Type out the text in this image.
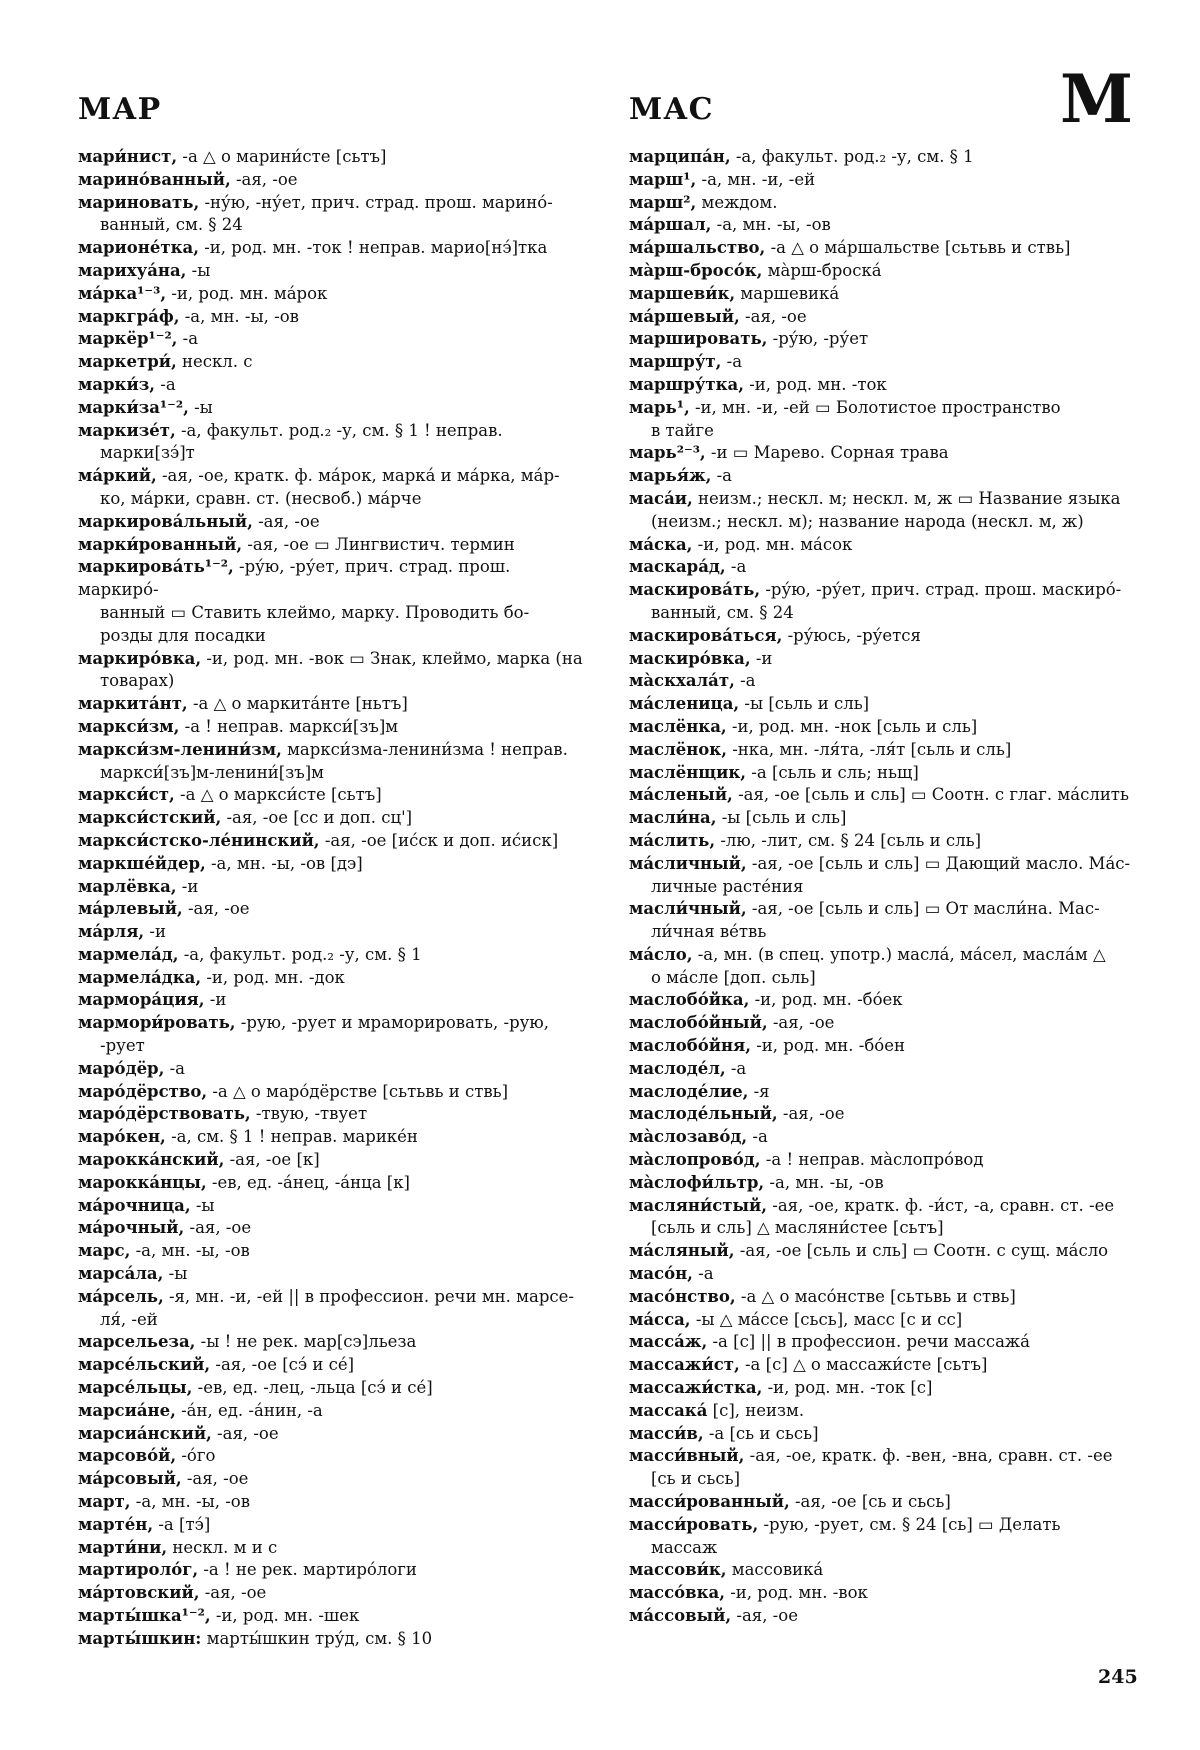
МАР	МАС	М
мари́нист, -а △ о марини́сте [сьтъ]
марино́ванный, -ая, -ое
мариновать, -ну́ю, -ну́ет, прич. страд. прош. марино́-
ванный, см. § 24
марионе́тка, -и, род. мн. -ток ! неправ. марио[нэ́]тка
марихуа́на, -ы
ма́рка¹⁻³, -и, род. мн. ма́рок
маркгра́ф, -а, мн. -ы, -ов
маркёр¹⁻², -а
маркетри́, нескл. с
марки́з, -а
марки́за¹⁻², -ы
маркизе́т, -а, факульт. род.₂ -у, см. § 1 ! неправ.
марки[зэ́]т
ма́ркий, -ая, -ое, кратк. ф. ма́рок, марка́ и ма́рка, ма́р-
ко, ма́рки, сравн. ст. (несвоб.) ма́рче
маркирова́льный, -ая, -ое
марки́рованный, -ая, -ое ▭ Лингвистич. термин
маркирова́ть¹⁻², -ру́ю, -ру́ет, прич. страд. прош. маркиро́-
ванный ▭ Ставить клеймо, марку. Проводить бо-
розды для посадки
маркиро́вка, -и, род. мн. -вок ▭ Знак, клеймо, марка (на
товарах)
маркита́нт, -а △ о маркита́нте [ньтъ]
маркси́зм, -а ! неправ. маркси́[зъ]м
маркси́зм-ленини́зм, маркси́зма-ленини́зма ! неправ.
маркси́[зъ]м-ленини́[зъ]м
маркси́ст, -а △ о маркси́сте [сьтъ]
маркси́стский, -ая, -ое [сс и доп. сц']
маркси́стско-ле́нинский, -ая, -ое [ис́ск и доп. ис́иск]
маркше́йдер, -а, мн. -ы, -ов [дэ]
марлёвка, -и
ма́рлевый, -ая, -ое
ма́рля, -и
мармела́д, -а, факульт. род.₂ -у, см. § 1
мармела́дка, -и, род. мн. -док
мармора́ция, -и
мармори́ровать, -рую, -рует и мраморировать, -рую,
-рует
маро́дёр, -а
маро́дёрство, -а △ о маро́дёрстве [сьтьвь и ствь]
маро́дёрствовать, -твую, -твует
маро́кен, -а, см. § 1 ! неправ. марике́н
марокка́нский, -ая, -ое [к]
марокка́нцы, -ев, ед. -а́нец, -а́нца [к]
ма́рочница, -ы
ма́рочный, -ая, -ое
марс, -а, мн. -ы, -ов
марса́ла, -ы
ма́рсель, -я, мн. -и, -ей || в профессион. речи мн. марсе-
ля́, -ей
марсельеза, -ы ! не рек. мар[сэ]льеза
марсе́льский, -ая, -ое [сэ́ и се́]
марсе́льцы, -ев, ед. -лец, -льца [сэ́ и се́]
марсиа́не, -а́н, ед. -а́нин, -а
марсиа́нский, -ая, -ое
марсово́й, -о́го
ма́рсовый, -ая, -ое
март, -а, мн. -ы, -ов
марте́н, -а [тэ́]
марти́ни, нескл. м и с
мартироло́г, -а ! не рек. мартиро́логи
ма́ртовский, -ая, -ое
марты́шка¹⁻², -и, род. мн. -шек
марты́шкин: марты́шкин тру́д, см. § 10
марципа́н, -а, факульт. род.₂ -у, см. § 1
марш¹, -а, мн. -и, -ей
марш², междом.
ма́ршал, -а, мн. -ы, -ов
ма́ршальство, -а △ о ма́ршальстве [сьтьвь и ствь]
ма̀рш-бросо́к, ма̀рш-броска́
маршеви́к, маршевика́
ма́ршевый, -ая, -ое
маршировать, -ру́ю, -ру́ет
маршру́т, -а
маршру́тка, -и, род. мн. -ток
марь¹, -и, мн. -и, -ей ▭ Болотистое пространство
в тайге
марь²⁻³, -и ▭ Марево. Сорная трава
марья́ж, -а
маса́и, неизм.; нескл. м; нескл. м, ж ▭ Название языка
(неизм.; нескл. м); название народа (нескл. м, ж)
ма́ска, -и, род. мн. ма́сок
маскара́д, -а
маскирова́ть, -ру́ю, -ру́ет, прич. страд. прош. маскиро́-
ванный, см. § 24
маскирова́ться, -ру́юсь, -ру́ется
маскиро́вка, -и
ма̀скхала́т, -а
ма́сленица, -ы [сьль и сль]
маслёнка, -и, род. мн. -нок [сьль и сль]
маслёнок, -нка, мн. -ля́та, -ля́т [сьль и сль]
маслёнщик, -а [сьль и сль; ньщ]
ма́сленый, -ая, -ое [сьль и сль] ▭ Соотн. с глаг. ма́слить
масли́на, -ы [сьль и сль]
ма́слить, -лю, -лит, см. § 24 [сьль и сль]
ма́сличный, -ая, -ое [сьль и сль] ▭ Дающий масло. Ма́с-
личные расте́ния
масли́чный, -ая, -ое [сьль и сль] ▭ От масли́на. Мас-
ли́чная ве́твь
ма́сло, -а, мн. (в спец. употр.) масла́, ма́сел, масла́м △
о ма́сле [доп. сьль]
маслобо́йка, -и, род. мн. -бо́ек
маслобо́йный, -ая, -ое
маслобо́йня, -и, род. мн. -бо́ен
маслоде́л, -а
маслоде́лие, -я
маслоде́льный, -ая, -ое
ма̀слозаво́д, -а
ма̀слопрово́д, -а ! неправ. ма̀слопро́вод
ма̀слофи́льтр, -а, мн. -ы, -ов
масляни́стый, -ая, -ое, кратк. ф. -и́ст, -а, сравн. ст. -ее
[сьль и сль] △ масляни́стее [сьтъ]
ма́сляный, -ая, -ое [сьль и сль] ▭ Соотн. с сущ. ма́сло
масо́н, -а
масо́нство, -а △ о масо́нстве [сьтьвь и ствь]
ма́сса, -ы △ ма́ссе [сьсь], масс [с и сс]
масса́ж, -а [с] || в профессион. речи массажа́
массажи́ст, -а [с] △ о массажи́сте [сьтъ]
массажи́стка, -и, род. мн. -ток [с]
массака́ [с], неизм.
масси́в, -а [сь и сьсь]
масси́вный, -ая, -ое, кратк. ф. -вен, -вна, сравн. ст. -ее
[сь и сьсь]
масси́рованный, -ая, -ое [сь и сьсь]
масси́ровать, -рую, -рует, см. § 24 [сь] ▭ Делать
массаж
массови́к, массовика́
массо́вка, -и, род. мн. -вок
ма́ссовый, -ая, -ое
245
